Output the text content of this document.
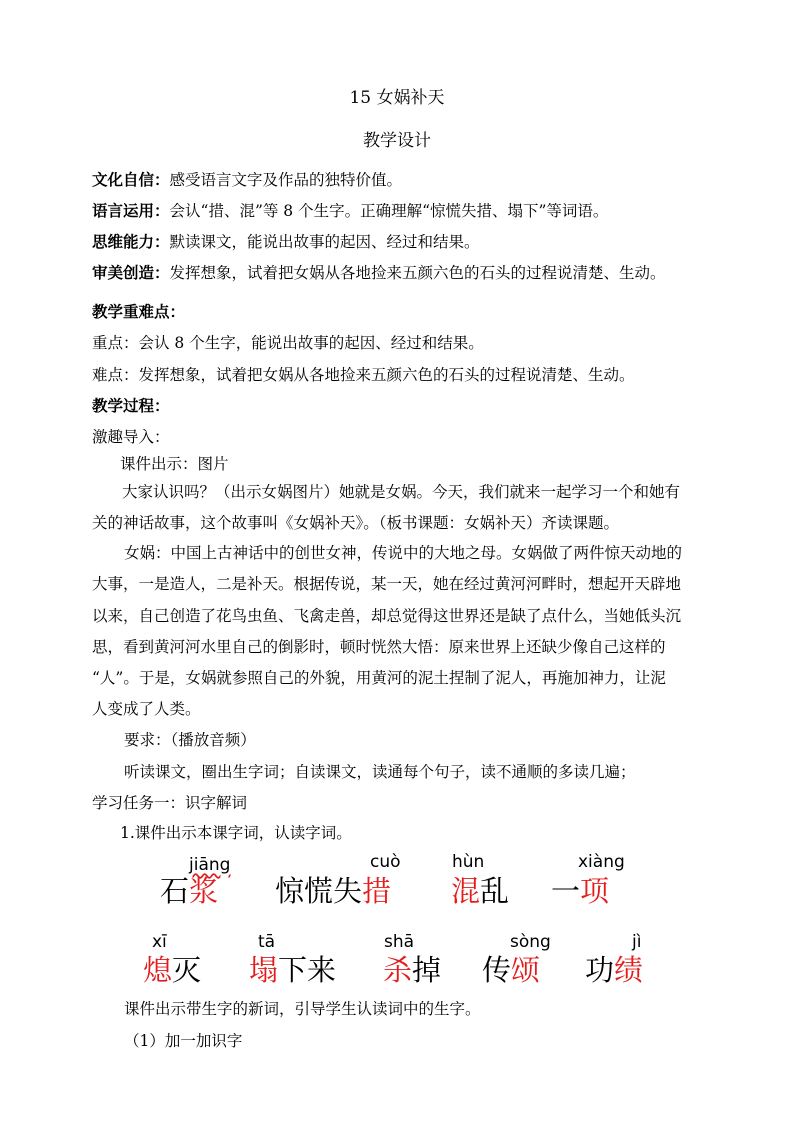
15 女娲补天
教学设计
文化自信：感受语言文字及作品的独特价值。
语言运用：会认“措、混”等 8 个生字。正确理解“惊慌失措、塌下”等词语。
思维能力：默读课文，能说出故事的起因、经过和结果。
审美创造：发挥想象，试着把女娲从各地捡来五颜六色的石头的过程说清楚、生动。
教学重难点：
重点：会认 8 个生字，能说出故事的起因、经过和结果。
难点：发挥想象，试着把女娲从各地捡来五颜六色的石头的过程说清楚、生动。
教学过程：
激趣导入：
课件出示：图片
大家认识吗？（出示女娲图片）她就是女娲。今天，我们就来一起学习一个和她有
关的神话故事，这个故事叫《女娲补天》。（板书课题：女娲补天）齐读课题。
女娲：中国上古神话中的创世女神，传说中的大地之母。女娲做了两件惊天动地的
大事，一是造人，二是补天。根据传说，某一天，她在经过黄河河畔时，想起开天辟地
以来，自己创造了花鸟虫鱼、飞禽走兽，却总觉得这世界还是缺了点什么，当她低头沉
思，看到黄河河水里自己的倒影时，顿时恍然大悟：原来世界上还缺少像自己这样的
“人”。于是，女娲就参照自己的外貌，用黄河的泥土捏制了泥人，再施加神力，让泥
人变成了人类。
要求：（播放音频）
听读课文，圈出生字词；自读课文，读通每个句子，读不通顺的多读几遍；
学习任务一：识字解词
1.课件出示本课字词，认读字词。
jiāng
石浆
cuò
惊慌失措
hùn
混乱
xiàng
一项
xī
熄灭
tā
塌下来
shā
杀掉
sòng
传颂
jì
功绩
课件出示带生字的新词，引导学生认读词中的生字。
（1）加一加识字
